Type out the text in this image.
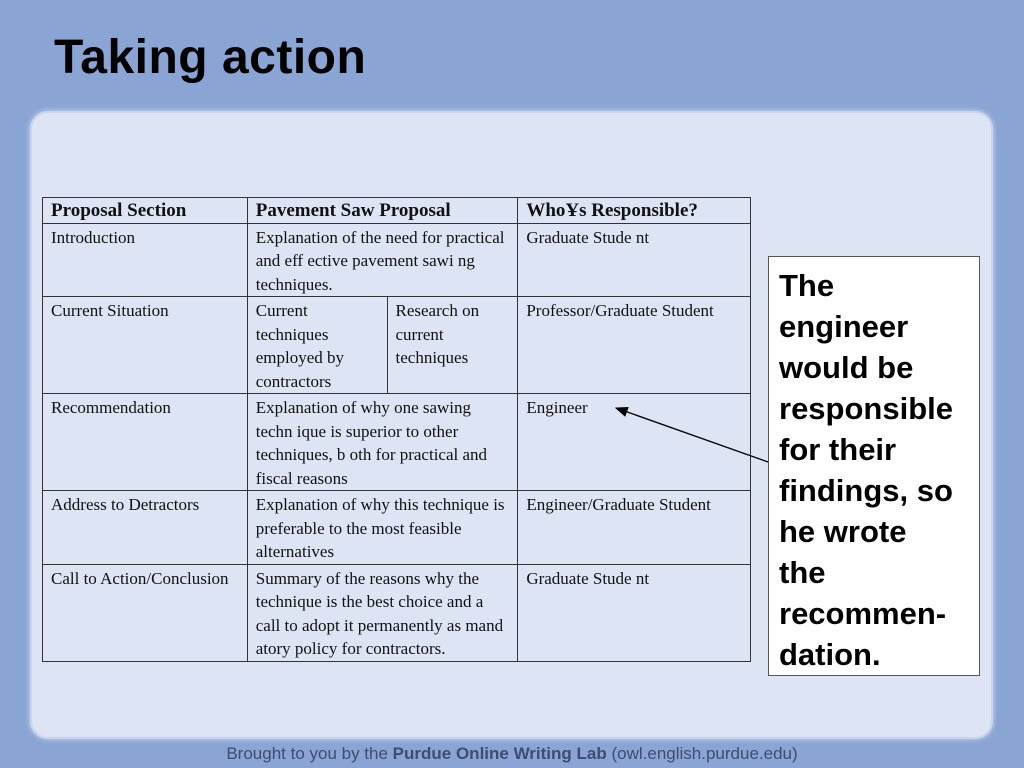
Taking action
Proposal Section	Pavement Saw Proposal		WhoҰs Responsible?
Introduction	Explanation of the need for practical and eff ective pavement sawi ng techniques.		Graduate Stude nt
Current Situation	Current techniques employed by contractors	Research on current techniques	Professor/Graduate Student
Recommendation	Explanation of why one sawing techn ique is superior to other techniques, b oth for practical and fiscal reasons		Engineer
Address to Detractors	Explanation of why this technique is preferable to the most feasible alternatives		Engineer/Graduate Student
Call to Action/Conclusion	Summary of the reasons why the technique is the best choice and a call to adopt it permanently as mand atory policy for contractors.		Graduate Stude nt
The
engineer
would be
responsible
for their
findings, so
he wrote
the
recommen-
dation.
Brought to you by the Purdue Online Writing Lab (owl.english.purdue.edu)
